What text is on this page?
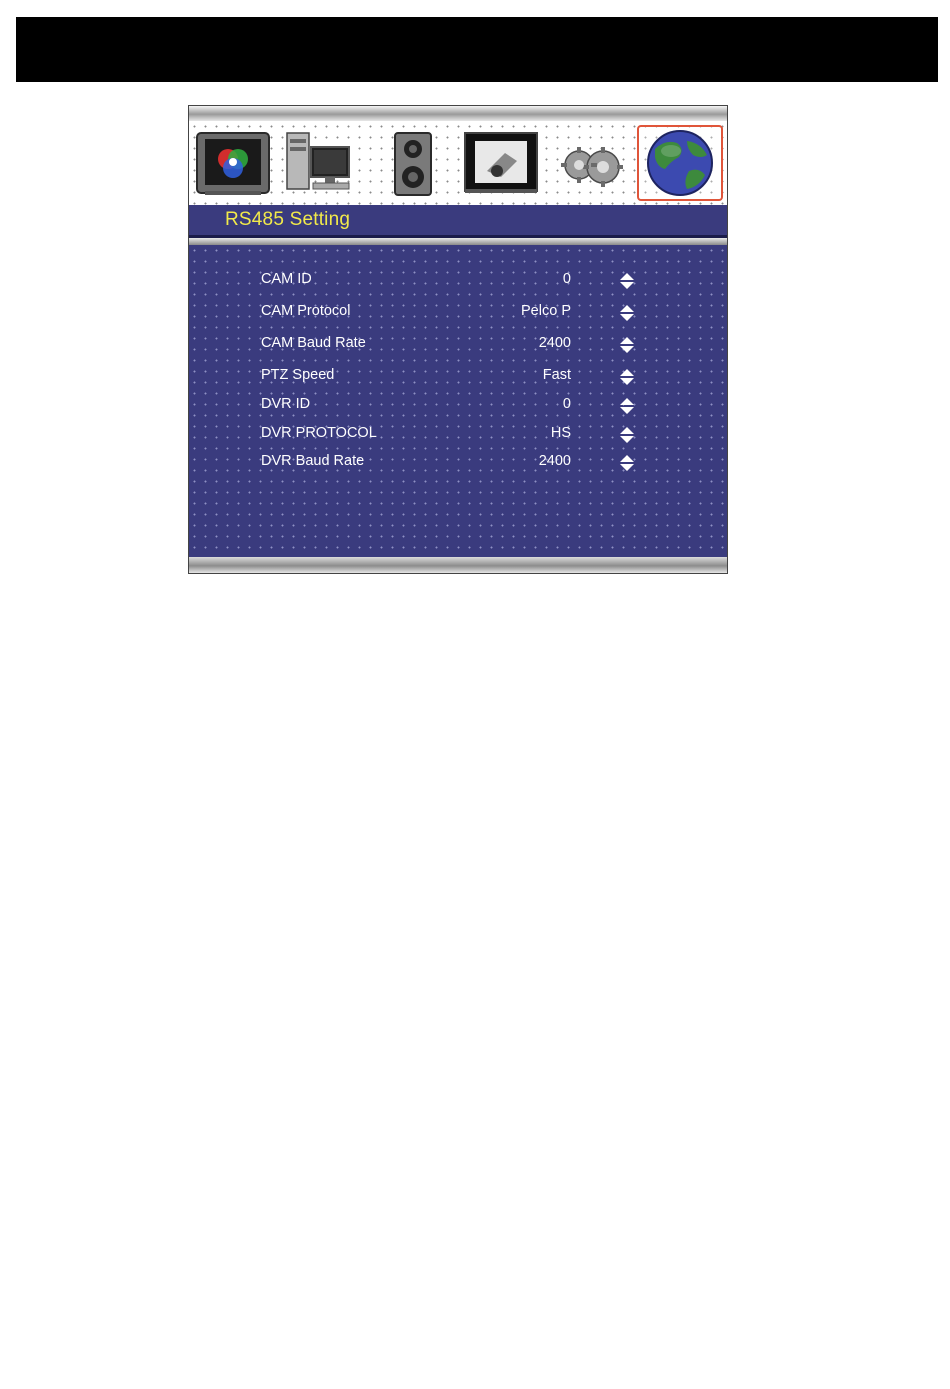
RS485 Setting
CAM ID	0
CAM Protocol	Pelco P
CAM Baud Rate	2400
PTZ Speed	Fast
DVR ID	0
DVR PROTOCOL	HS
DVR Baud Rate	2400
